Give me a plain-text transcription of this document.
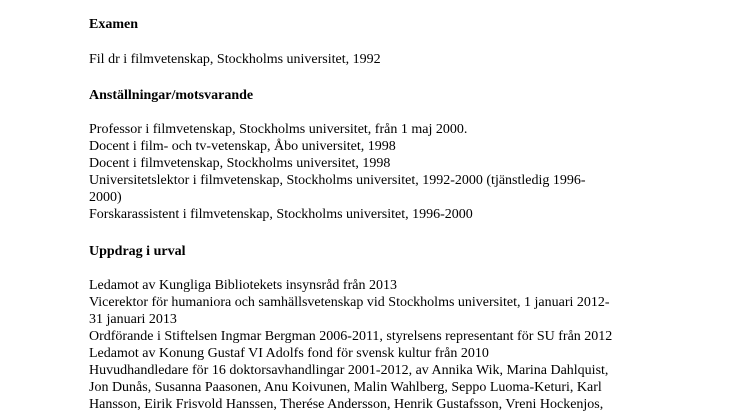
Examen
Fil dr i filmvetenskap, Stockholms universitet, 1992
Anställningar/motsvarande
Professor i filmvetenskap, Stockholms universitet, från 1 maj 2000.
Docent i film- och tv-vetenskap, Åbo universitet, 1998
Docent i filmvetenskap, Stockholms universitet, 1998
Universitetslektor i filmvetenskap, Stockholms universitet, 1992-2000 (tjänstledig 1996-
2000)
Forskarassistent i filmvetenskap, Stockholms universitet, 1996-2000
Uppdrag i urval
Ledamot av Kungliga Bibliotekets insynsråd från 2013
Vicerektor för humaniora och samhällsvetenskap vid Stockholms universitet, 1 januari 2012-
31 januari 2013
Ordförande i Stiftelsen Ingmar Bergman 2006-2011, styrelsens representant för SU från 2012
Ledamot av Konung Gustaf VI Adolfs fond för svensk kultur från 2010
Huvudhandledare för 16 doktorsavhandlingar 2001-2012, av Annika Wik, Marina Dahlquist,
Jon Dunås, Susanna Paasonen, Anu Koivunen, Malin Wahlberg, Seppo Luoma-Keturi, Karl
Hansson, Eirik Frisvold Hanssen, Therése Andersson, Henrik Gustafsson, Vreni Hockenjos,
